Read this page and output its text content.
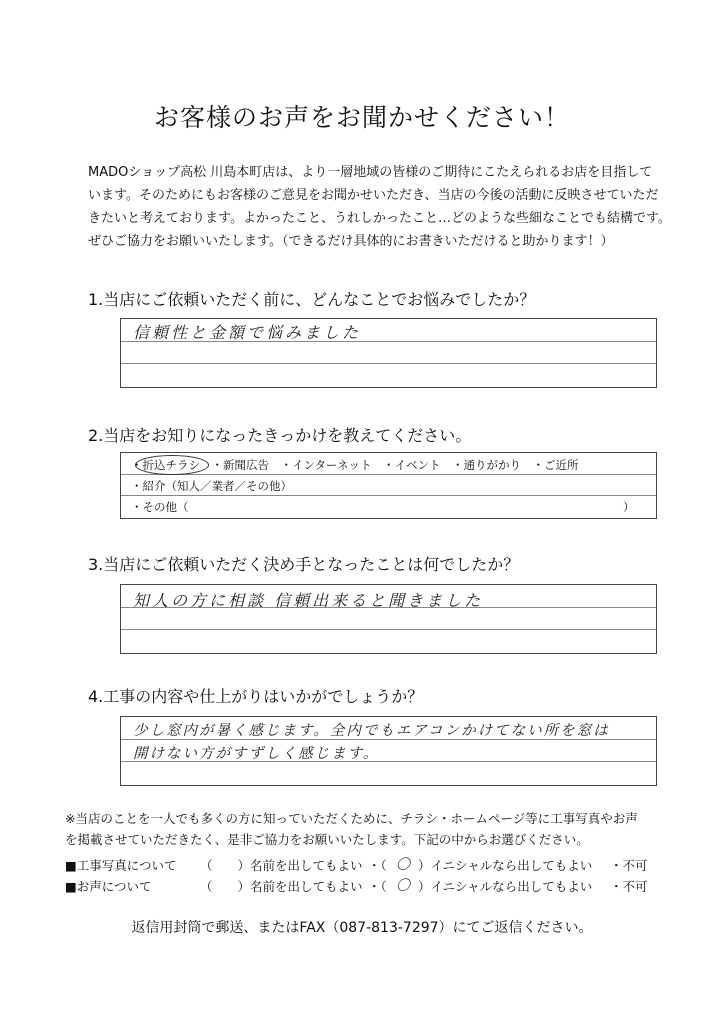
お客様のお声をお聞かせください！
MADOショップ高松 川島本町店は、より一層地域の皆様のご期待にこたえられるお店を目指して
います。そのためにもお客様のご意見をお聞かせいただき、当店の今後の活動に反映させていただ
きたいと考えております。よかったこと、うれしかったこと…どのような些細なことでも結構です。
ぜひご協力をお願いいたします。（できるだけ具体的にお書きいただけると助かります！）
1.当店にご依頼いただく前に、どんなことでお悩みでしたか？
信頼性と金額で悩みました
2.当店をお知りになったきっかけを教えてください。
・折込チラシ　・新聞広告　・インターネット　・イベント　・通りがかり　・ご近所
・紹介（知人／業者／その他）
・その他（	）
3.当店にご依頼いただく決め手となったことは何でしたか？
知人の方に相談 信頼出来ると聞きました
4.工事の内容や仕上がりはいかがでしょうか？
少し窓内が暑く感じます。全内でもエアコンかけてない所を窓は
開けない方がすずしく感じます。
※当店のことを一人でも多くの方に知っていただくために、チラシ・ホームページ等に工事写真やお声
を掲載させていただきたく、是非ご協力をお願いいたします。下記の中からお選びください。
■工事写真について （　　）名前を出してもよい ・（ 〇 ）イニシャルなら出してもよい ・不可
■お声について	（　　）名前を出してもよい ・（ 〇 ）イニシャルなら出してもよい ・不可
返信用封筒で郵送、またはFAX（087-813-7297）にてご返信ください。
